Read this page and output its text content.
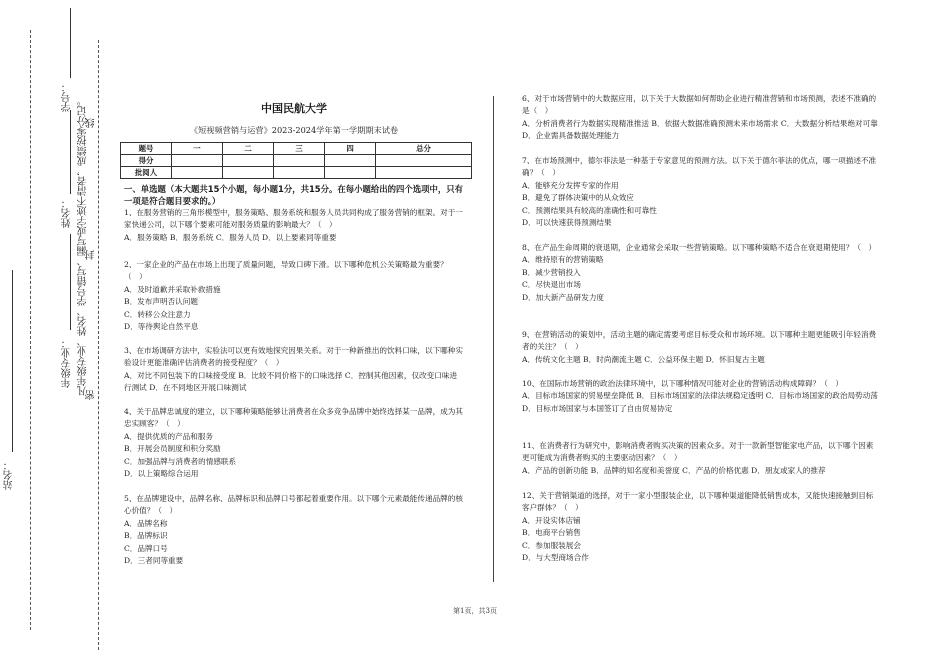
学号：
姓名：
年级专业：
站名：
凡年级专业、姓名、学号错写、漏写或字迹不清者，成绩按零分记。
密
封
线
中国民航大学
《短视频营销与运营》2023-2024学年第一学期期末试卷
题号	一	二	三	四	总分
得分					
批阅人					
一、单选题（本大题共15个小题，每小题1分，共15分。在每小题给出的四个选项中，只有一项是符合题目要求的。）

1、在服务营销的三角形模型中，服务策略、服务系统和服务人员共同构成了服务营销的框架。对于一家快递公司，以下哪个要素可能对服务质量的影响最大？（　）

A．服务策略 B．服务系统 C．服务人员 D．以上要素同等重要

2、一家企业的产品在市场上出现了质量问题，导致口碑下滑。以下哪种危机公关策略最为重要？（　）

A．及时道歉并采取补救措施

B．发布声明否认问题

C．转移公众注意力

D．等待舆论自然平息

3、在市场调研方法中，实验法可以更有效地探究因果关系。对于一种新推出的饮料口味，以下哪种实验设计更能准确评估消费者的接受程度？（　）

A．对比不同包装下的口味接受度 B．比较不同价格下的口味选择 C．控制其他因素，仅改变口味进行测试 D．在不同地区开展口味测试

4、关于品牌忠诚度的建立，以下哪种策略能够让消费者在众多竞争品牌中始终选择某一品牌，成为其忠实顾客？（　）

A．提供优质的产品和服务

B．开展会员制度和积分奖励

C．加强品牌与消费者的情感联系

D．以上策略综合运用

5、在品牌建设中，品牌名称、品牌标识和品牌口号都起着重要作用。以下哪个元素最能传递品牌的核心价值？（　）

A．品牌名称

B．品牌标识

C．品牌口号

D．三者同等重要

6、对于市场营销中的大数据应用，以下关于大数据如何帮助企业进行精准营销和市场预测，表述不准确的是（　）

A．分析消费者行为数据实现精准推送 B．依据大数据准确预测未来市场需求 C．大数据分析结果绝对可靠 D．企业需具备数据处理能力

7、在市场预测中，德尔菲法是一种基于专家意见的预测方法。以下关于德尔菲法的优点，哪一项描述不准确？（　）

A．能够充分发挥专家的作用

B．避免了群体决策中的从众效应

C．预测结果具有较高的准确性和可靠性

D．可以快速获得预测结果

8、在产品生命周期的衰退期，企业通常会采取一些营销策略。以下哪种策略不适合在衰退期使用？（　）

A．维持原有的营销策略

B．减少营销投入

C．尽快退出市场

D．加大新产品研发力度

9、在营销活动的策划中，活动主题的确定需要考虑目标受众和市场环境。以下哪种主题更能吸引年轻消费者的关注？（　）

A．传统文化主题 B．时尚潮流主题 C．公益环保主题 D．怀旧复古主题

10、在国际市场营销的政治法律环境中，以下哪种情况可能对企业的营销活动构成障碍？（　）

A．目标市场国家的贸易壁垒降低 B．目标市场国家的法律法规稳定透明 C．目标市场国家的政治局势动荡 D．目标市场国家与本国签订了自由贸易协定

11、在消费者行为研究中，影响消费者购买决策的因素众多。对于一款新型智能家电产品，以下哪个因素更可能成为消费者购买的主要驱动因素？（　）

A．产品的创新功能 B．品牌的知名度和美誉度 C．产品的价格优惠 D．朋友或家人的推荐

12、关于营销渠道的选择，对于一家小型服装企业，以下哪种渠道能降低销售成本，又能快速接触到目标客户群体？（　）

A．开设实体店铺

B．电商平台销售

C．参加服装展会

D．与大型商场合作

第1页，共3页
